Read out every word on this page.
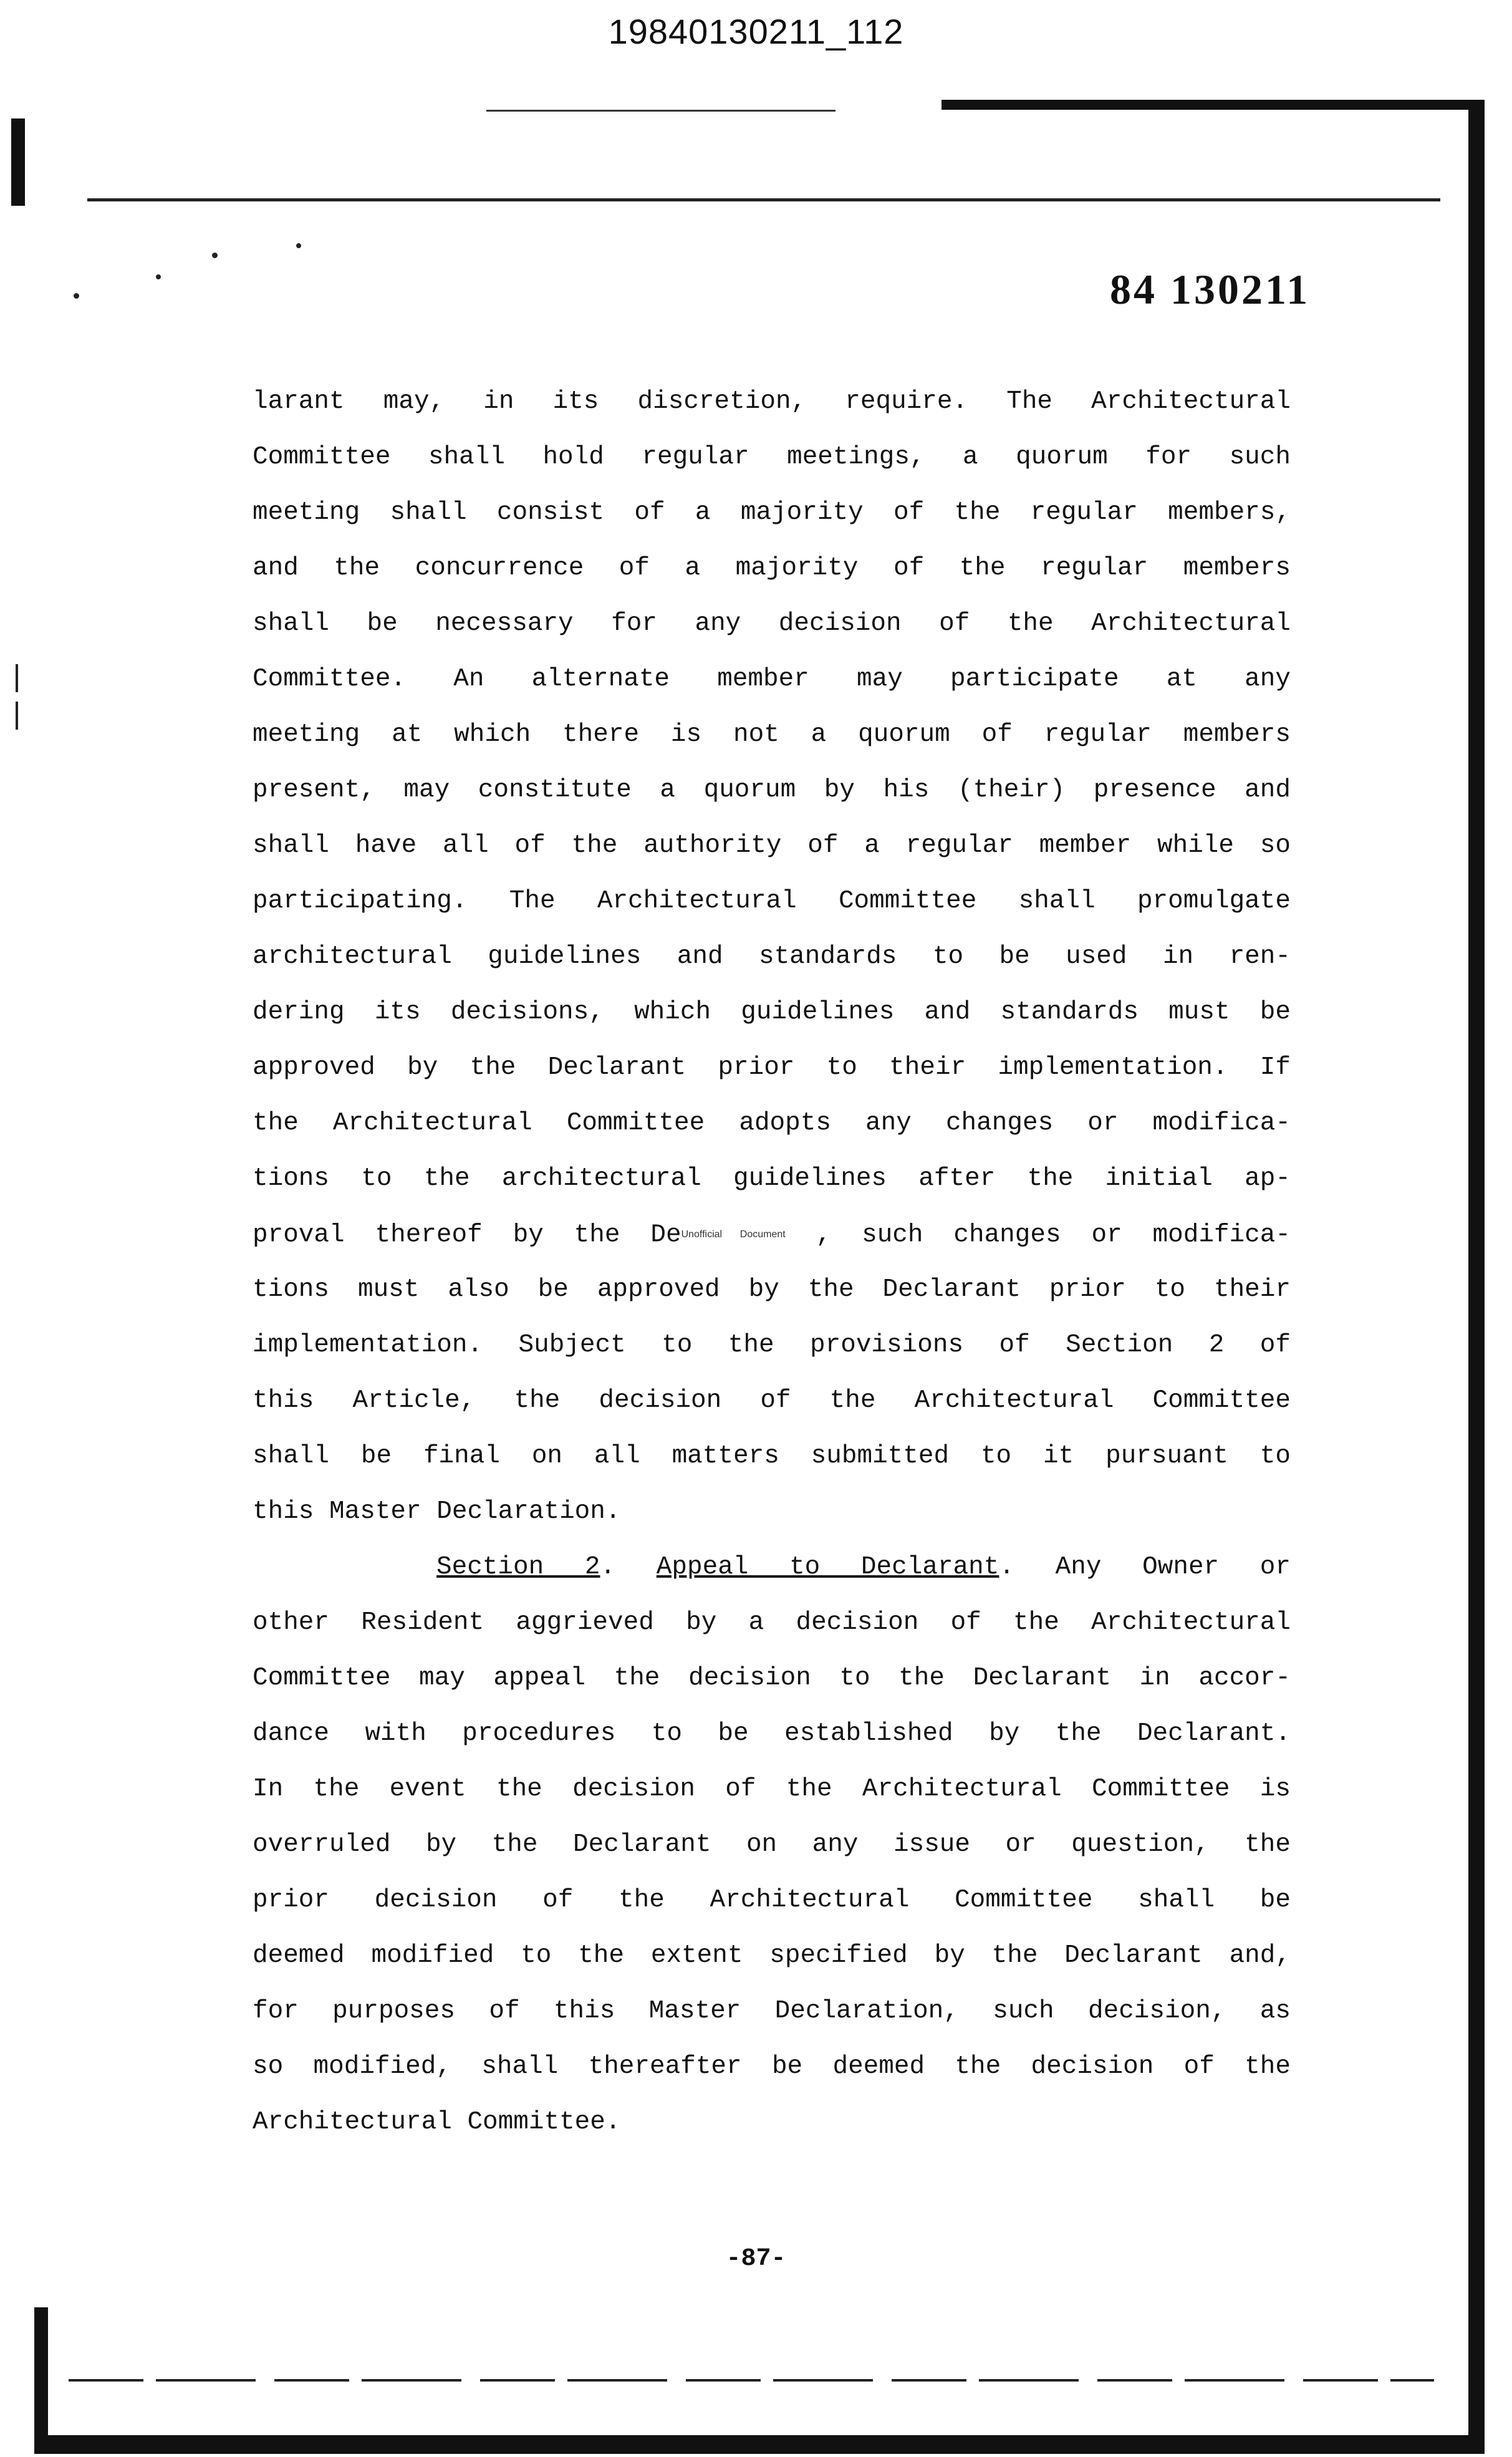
19840130211_112
84 130211
larant may, in its discretion, require. The Architectural
Committee shall hold regular meetings, a quorum for such
meeting shall consist of a majority of the regular members,
and the concurrence of a majority of the regular members
shall be necessary for any decision of the Architectural
Committee. An alternate member may participate at any
meeting at which there is not a quorum of regular members
present, may constitute a quorum by his (their) presence and
shall have all of the authority of a regular member while so
participating. The Architectural Committee shall promulgate
architectural guidelines and standards to be used in ren-
dering its decisions, which guidelines and standards must be
approved by the Declarant prior to their implementation. If
the Architectural Committee adopts any changes or modifica-
tions to the architectural guidelines after the initial ap-
proval thereof by the DeUnofficial Document , such changes or modifica-
tions must also be approved by the Declarant prior to their
implementation. Subject to the provisions of Section 2 of
this Article, the decision of the Architectural Committee
shall be final on all matters submitted to it pursuant to
this Master Declaration.
Section 2. Appeal to Declarant. Any Owner or
other Resident aggrieved by a decision of the Architectural
Committee may appeal the decision to the Declarant in accor-
dance with procedures to be established by the Declarant.
In the event the decision of the Architectural Committee is
overruled by the Declarant on any issue or question, the
prior decision of the Architectural Committee shall be
deemed modified to the extent specified by the Declarant and,
for purposes of this Master Declaration, such decision, as
so modified, shall thereafter be deemed the decision of the
Architectural Committee.
-87-
